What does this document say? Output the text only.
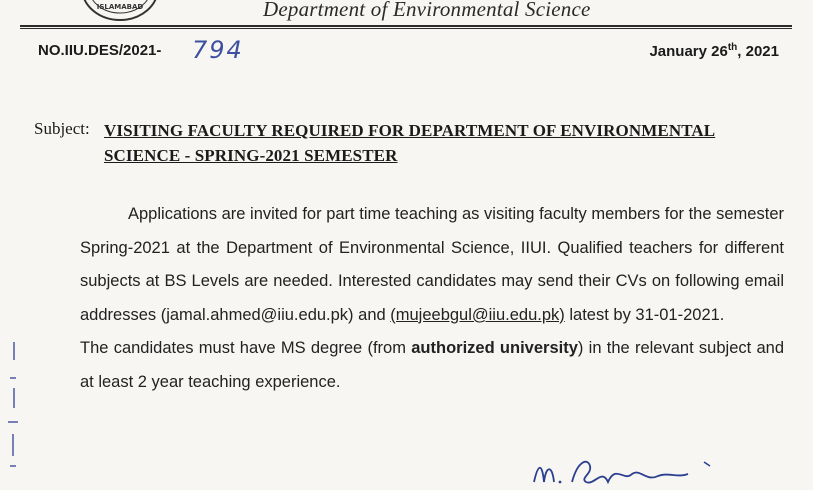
ISLAMABAD	Department of Environmental Science
NO.IIU.DES/2021- 794	January 26th, 2021
Subject: VISITING FACULTY REQUIRED FOR DEPARTMENT OF ENVIRONMENTAL SCIENCE - SPRING-2021 SEMESTER

Applications are invited for part time teaching as visiting faculty members for the semester Spring-2021 at the Department of Environmental Science, IIUI. Qualified teachers for different subjects at BS Levels are needed. Interested candidates may send their CVs on following email addresses (jamal.ahmed@iiu.edu.pk) and (mujeebgul@iiu.edu.pk) latest by 31-01-2021.

The candidates must have MS degree (from authorized university) in the relevant subject and at least 2 year teaching experience.
